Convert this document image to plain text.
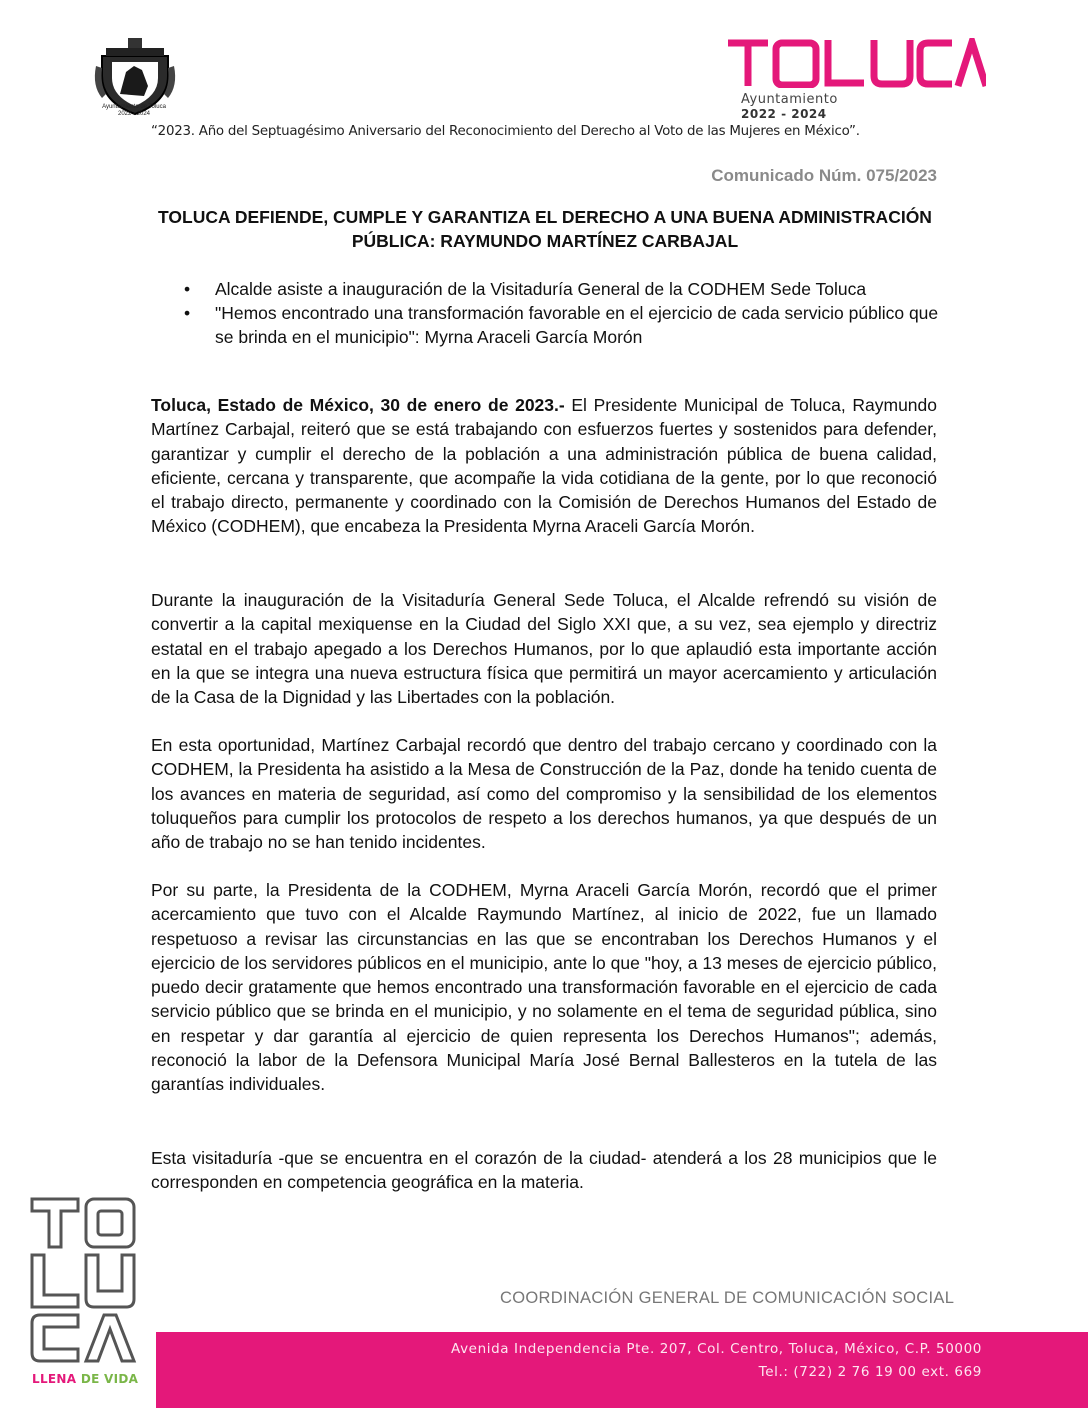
Ayuntamiento de Toluca
2022 - 2024
Ayuntamiento
2022 - 2024
“2023. Año del Septuagésimo Aniversario del Reconocimiento del Derecho al Voto de las Mujeres en México”.
Comunicado Núm. 075/2023
TOLUCA DEFIENDE, CUMPLE Y GARANTIZA EL DERECHO A UNA BUENA ADMINISTRACIÓN PÚBLICA: RAYMUNDO MARTÍNEZ CARBAJAL
• Alcalde asiste a inauguración de la Visitaduría General de la CODHEM Sede Toluca
• "Hemos encontrado una transformación favorable en el ejercicio de cada servicio público que se brinda en el municipio": Myrna Araceli García Morón

Toluca, Estado de México, 30 de enero de 2023.- El Presidente Municipal de Toluca, Raymundo Martínez Carbajal, reiteró que se está trabajando con esfuerzos fuertes y sostenidos para defender, garantizar y cumplir el derecho de la población a una administración pública de buena calidad, eficiente, cercana y transparente, que acompañe la vida cotidiana de la gente, por lo que reconoció el trabajo directo, permanente y coordinado con la Comisión de Derechos Humanos del Estado de México (CODHEM), que encabeza la Presidenta Myrna Araceli García Morón.

Durante la inauguración de la Visitaduría General Sede Toluca, el Alcalde refrendó su visión de convertir a la capital mexiquense en la Ciudad del Siglo XXI que, a su vez, sea ejemplo y directriz estatal en el trabajo apegado a los Derechos Humanos, por lo que aplaudió esta importante acción en la que se integra una nueva estructura física que permitirá un mayor acercamiento y articulación de la Casa de la Dignidad y las Libertades con la población.

En esta oportunidad, Martínez Carbajal recordó que dentro del trabajo cercano y coordinado con la CODHEM, la Presidenta ha asistido a la Mesa de Construcción de la Paz, donde ha tenido cuenta de los avances en materia de seguridad, así como del compromiso y la sensibilidad de los elementos toluqueños para cumplir los protocolos de respeto a los derechos humanos, ya que después de un año de trabajo no se han tenido incidentes.

Por su parte, la Presidenta de la CODHEM, Myrna Araceli García Morón, recordó que el primer acercamiento que tuvo con el Alcalde Raymundo Martínez, al inicio de 2022, fue un llamado respetuoso a revisar las circunstancias en las que se encontraban los Derechos Humanos y el ejercicio de los servidores públicos en el municipio, ante lo que "hoy, a 13 meses de ejercicio público, puedo decir gratamente que hemos encontrado una transformación favorable en el ejercicio de cada servicio público que se brinda en el municipio, y no solamente en el tema de seguridad pública, sino en respetar y dar garantía al ejercicio de quien representa los Derechos Humanos"; además, reconoció la labor de la Defensora Municipal María José Bernal Ballesteros en la tutela de las garantías individuales.

Esta visitaduría -que se encuentra en el corazón de la ciudad- atenderá a los 28 municipios que le corresponden en competencia geográfica en la materia.

LLENA DE VIDA
COORDINACIÓN GENERAL DE COMUNICACIÓN SOCIAL
Avenida Independencia Pte. 207, Col. Centro, Toluca, México, C.P. 50000
Tel.: (722) 2 76 19 00 ext. 669
